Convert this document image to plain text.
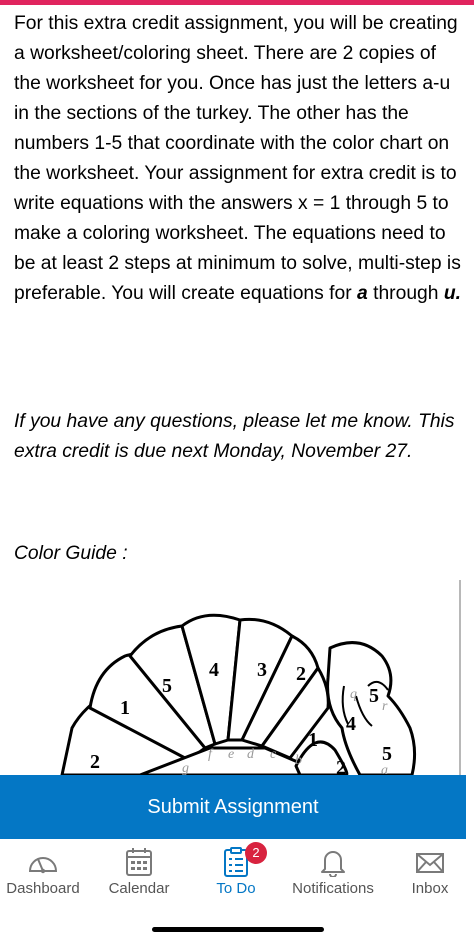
For this extra credit assignment, you will be creating a worksheet/coloring sheet. There are 2 copies of the worksheet for you. Once has just the letters a-u in the sections of the turkey. The other has the numbers 1-5 that coordinate with the color chart on the worksheet. Your assignment for extra credit is to write equations with the answers x = 1 through 5 to make a coloring worksheet. The equations need to be at least 2 steps at minimum to solve, multi-step is preferable. You will create equations for a through u.

If you have any questions, please let me know. This extra credit is due next Monday, November 27.

Color Guide :

2
1
5
4 3 2
1
2
5
4
5
g
f e d c b
a
q
r
Submit Assignment
Dashboard	Calendar
2
To Do	Notifications	Inbox
